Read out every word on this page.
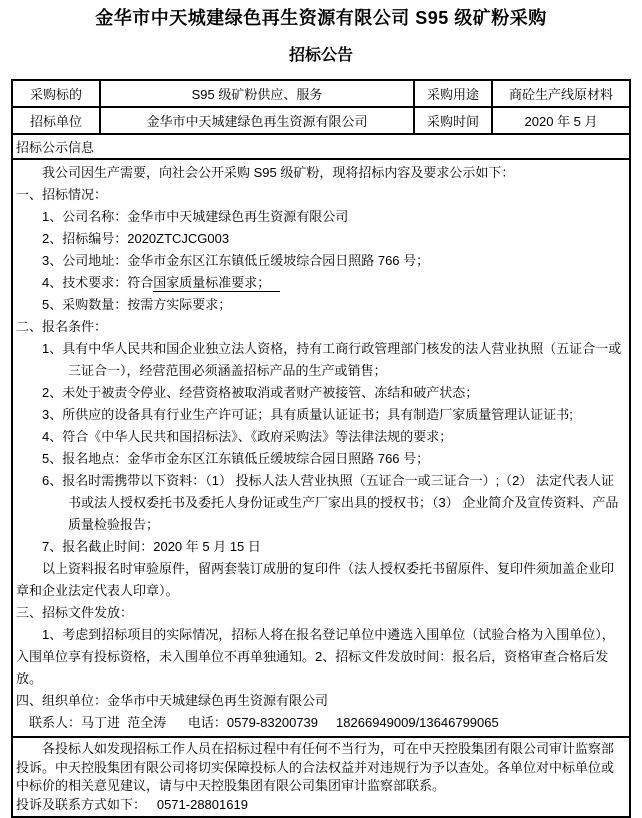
金华市中天城建绿色再生资源有限公司 S95 级矿粉采购
招标公告
采购标的	S95 级矿粉供应、服务	采购用途	商砼生产线原材料
招标单位	金华市中天城建绿色再生资源有限公司	采购时间	2020 年 5 月
招标公示信息			

我公司因生产需要，向社会公开采购 S95 级矿粉，现将招标内容及要求公示如下：

一、招标情况：

1、公司名称：金华市中天城建绿色再生资源有限公司

2、招标编号：2020ZTCJCG003

3、公司地址：金华市金东区江东镇低丘缓坡综合园日照路 766 号；

4、技术要求：符合国家质量标准要求；

5、采购数量：按需方实际要求；

二、报名条件：

1、具有中华人民共和国企业独立法人资格，持有工商行政管理部门核发的法人营业执照（五证合一或三证合一），经营范围必须涵盖招标产品的生产或销售；

2、未处于被责令停业、经营资格被取消或者财产被接管、冻结和破产状态；

3、所供应的设备具有行业生产许可证；具有质量认证证书；具有制造厂家质量管理认证证书;

4、符合《中华人民共和国招标法》、《政府采购法》等法律法规的要求；

5、报名地点：金华市金东区江东镇低丘缓坡综合园日照路 766 号；

6、报名时需携带以下资料：（1） 投标人法人营业执照（五证合一或三证合一）;（2） 法定代表人证书或法人授权委托书及委托人身份证或生产厂家出具的授权书；（3） 企业简介及宣传资料、产品质量检验报告；

7、报名截止时间：2020 年 5 月 15 日

以上资料报名时审验原件，留两套装订成册的复印件（法人授权委托书留原件、复印件须加盖企业印章和企业法定代表人印章）。

三、招标文件发放：

1、考虑到招标项目的实际情况，招标人将在报名登记单位中遴选入围单位（试验合格为入围单位），入围单位享有投标资格，未入围单位不再单独通知。2、招标文件发放时间：报名后，资格审查合格后发放。

四、组织单位：金华市中天城建绿色再生资源有限公司

联系人：马丁进  范全涛      电话：0579-83200739     18266949009/13646799065

各投标人如发现招标工作人员在招标过程中有任何不当行为，可在中天控股集团有限公司审计监察部投诉。中天控股集团有限公司将切实保障投标人的合法权益并对违规行为予以查处。各单位对中标单位或中标价的相关意见建议，请与中天控股集团有限公司集团审计监察部联系。

投诉及联系方式如下：   0571-28801619			
